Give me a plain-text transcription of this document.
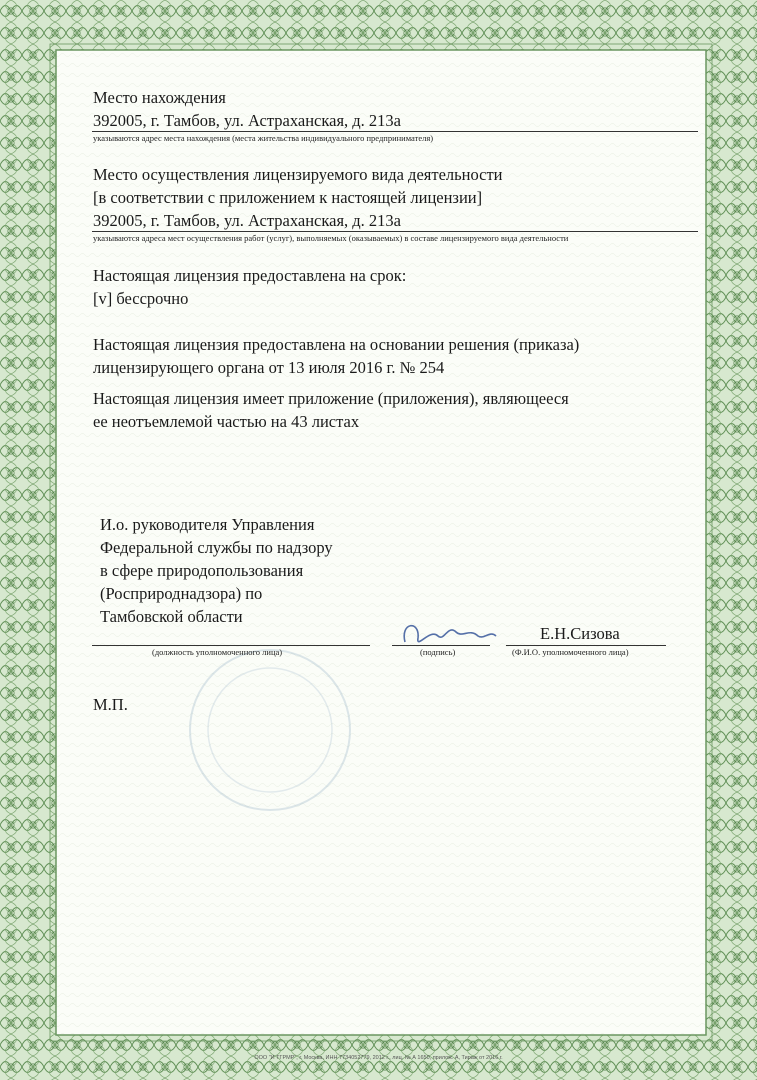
Место нахождения
392005, г. Тамбов, ул. Астраханская, д. 213а
указываются адрес места нахождения (места жительства индивидуального предпринимателя)
Место осуществления лицензируемого вида деятельности
[в соответствии с приложением к настоящей лицензии]
392005, г. Тамбов, ул. Астраханская, д. 213а
указываются адреса мест осуществления работ (услуг), выполняемых (оказываемых) в составе лицензируемого вида деятельности
Настоящая лицензия предоставлена на срок:
[v] бессрочно
Настоящая лицензия предоставлена на основании решения (приказа)
лицензирующего органа от 13 июля 2016 г. № 254
Настоящая лицензия имеет приложение (приложения), являющееся
ее неотъемлемой частью на 43 листах
И.о. руководителя Управления
Федеральной службы по надзору
в сфере природопользования
(Росприроднадзора) по
Тамбовской области
Е.Н.Сизова
(должность уполномоченного лица)	(подпись)	(Ф.И.О. уполномоченного лица)
М.П.
ООО "И ТГРМР", г. Москва, ИНН 7734052779, 2012 г., лиц. № А 1650, прилож. А, Тираж от 2016 г.
